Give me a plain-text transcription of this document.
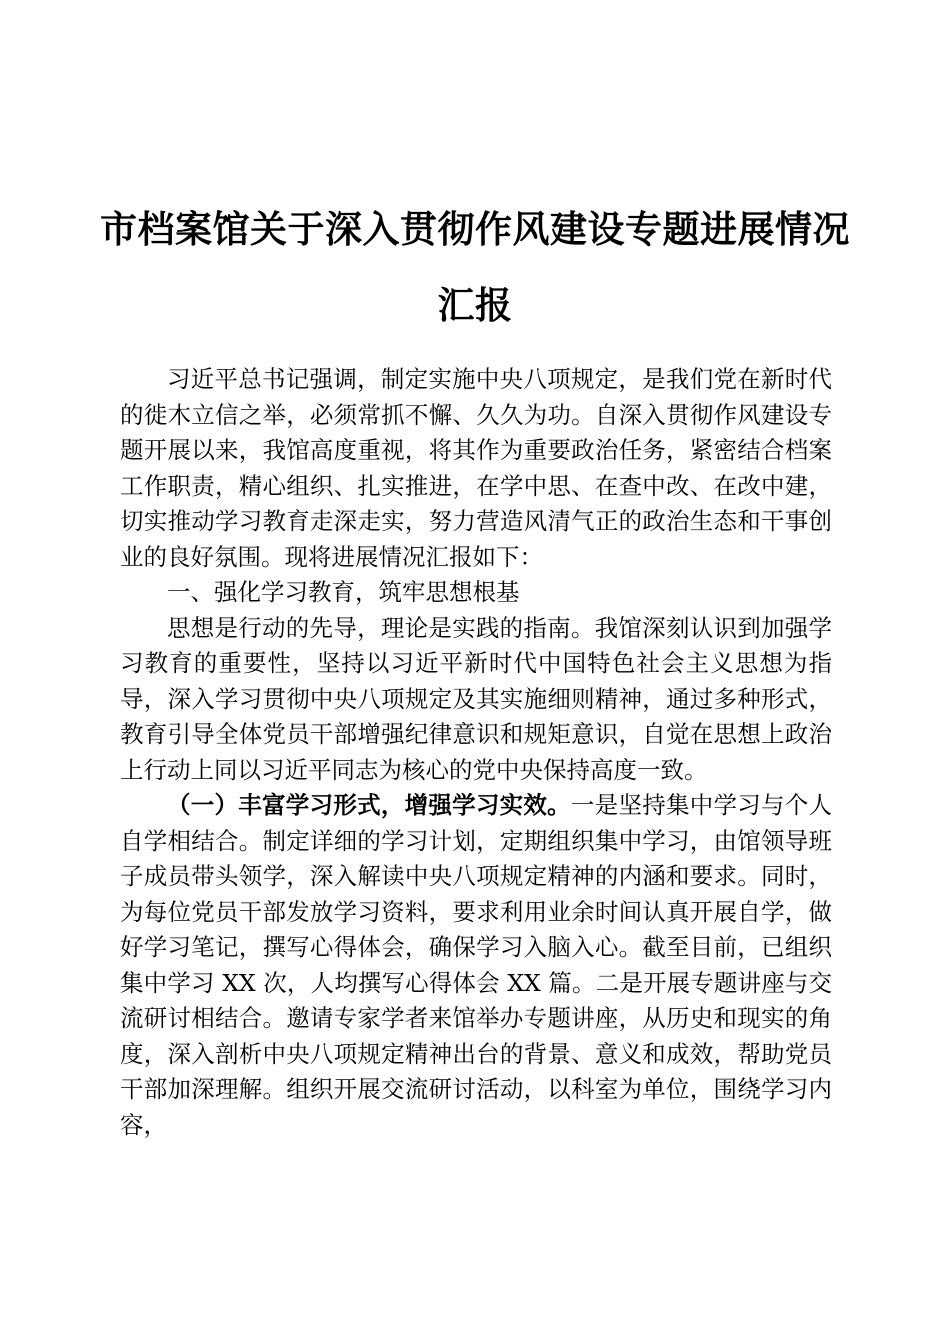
市档案馆关于深入贯彻作风建设专题进展情况
汇报

习近平总书记强调，制定实施中央八项规定，是我们党在新时代的徙木立信之举，必须常抓不懈、久久为功。自深入贯彻作风建设专题开展以来，我馆高度重视，将其作为重要政治任务，紧密结合档案工作职责，精心组织、扎实推进，在学中思、在查中改、在改中建，切实推动学习教育走深走实，努力营造风清气正的政治生态和干事创业的良好氛围。现将进展情况汇报如下：

一、强化学习教育，筑牢思想根基

思想是行动的先导，理论是实践的指南。我馆深刻认识到加强学习教育的重要性，坚持以习近平新时代中国特色社会主义思想为指导，深入学习贯彻中央八项规定及其实施细则精神，通过多种形式，教育引导全体党员干部增强纪律意识和规矩意识，自觉在思想上政治上行动上同以习近平同志为核心的党中央保持高度一致。

（一）丰富学习形式，增强学习实效。一是坚持集中学习与个人自学相结合。制定详细的学习计划，定期组织集中学习，由馆领导班子成员带头领学，深入解读中央八项规定精神的内涵和要求。同时，为每位党员干部发放学习资料，要求利用业余时间认真开展自学，做好学习笔记，撰写心得体会，确保学习入脑入心。截至目前，已组织集中学习 XX 次，人均撰写心得体会 XX 篇。二是开展专题讲座与交流研讨相结合。邀请专家学者来馆举办专题讲座，从历史和现实的角度，深入剖析中央八项规定精神出台的背景、意义和成效，帮助党员干部加深理解。组织开展交流研讨活动，以科室为单位，围绕学习内容，
